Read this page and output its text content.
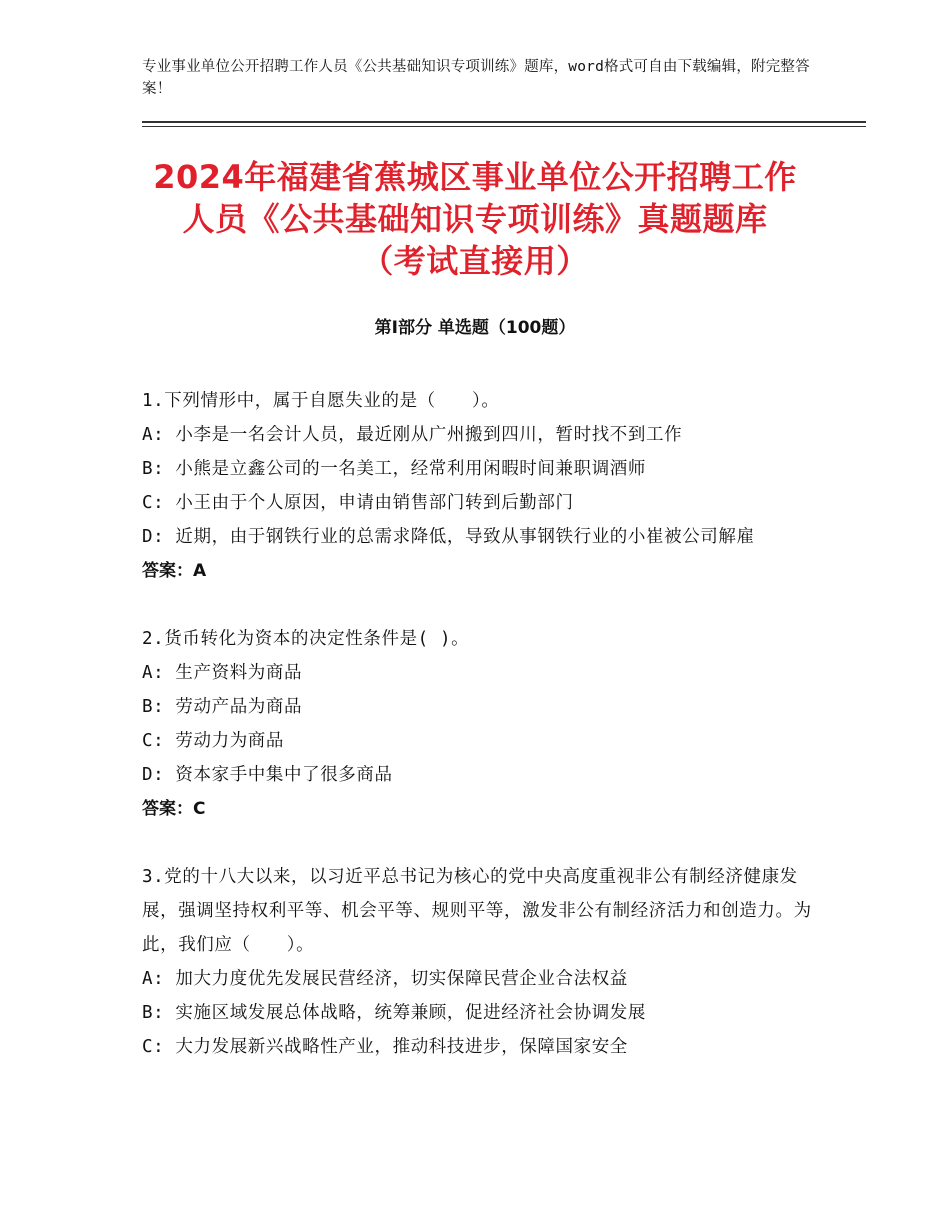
专业事业单位公开招聘工作人员《公共基础知识专项训练》题库，word格式可自由下载编辑，附完整答案！
2024年福建省蕉城区事业单位公开招聘工作
人员《公共基础知识专项训练》真题题库
（考试直接用）
第Ⅰ部分 单选题（100题）
1.下列情形中，属于自愿失业的是（　　）。
A: 小李是一名会计人员，最近刚从广州搬到四川，暂时找不到工作
B: 小熊是立鑫公司的一名美工，经常利用闲暇时间兼职调酒师
C: 小王由于个人原因，申请由销售部门转到后勤部门
D: 近期，由于钢铁行业的总需求降低，导致从事钢铁行业的小崔被公司解雇
答案：A
2.货币转化为资本的决定性条件是( )。
A: 生产资料为商品
B: 劳动产品为商品
C: 劳动力为商品
D: 资本家手中集中了很多商品
答案：C
3.党的十八大以来，以习近平总书记为核心的党中央高度重视非公有制经济健康发展，强调坚持权利平等、机会平等、规则平等，激发非公有制经济活力和创造力。为此，我们应（　　）。
A: 加大力度优先发展民营经济，切实保障民营企业合法权益
B: 实施区域发展总体战略，统筹兼顾，促进经济社会协调发展
C: 大力发展新兴战略性产业，推动科技进步，保障国家安全
